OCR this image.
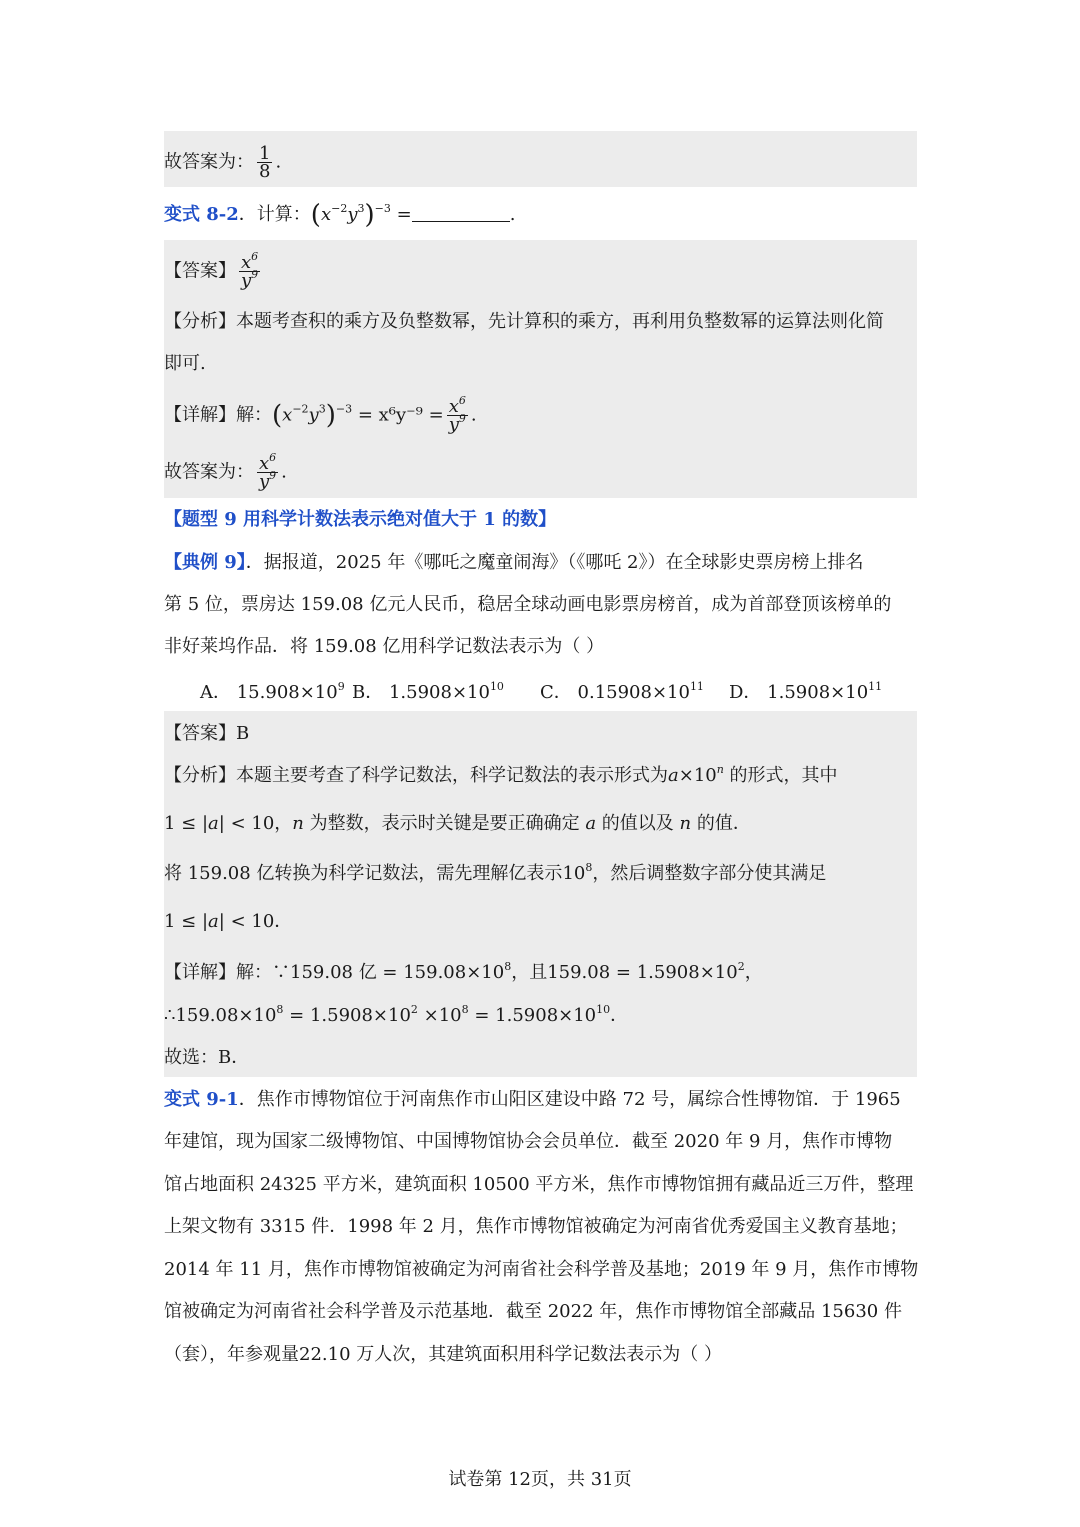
故答案为： $\frac{1}{8}$ .
变式 8-2．计算：$(x^{-2}y^3)^{-3}$ =	.
【答案】 $\frac{x^6}{y^9}$
【分析】本题考查积的乘方及负整数幂，先计算积的乘方，再利用负整数幂的运算法则化简
即可.
【详解】解：$(x^{-2}y^3)^{-3} = x^6y^{-9} = \frac{x^6}{y^9}$ .
故答案为： $\frac{x^6}{y^9}$ .
【题型 9 用科学计数法表示绝对值大于 1 的数】
【典例 9】．据报道，2025 年《哪吒之魔童闹海》（《哪吒 2》）在全球影史票房榜上排名
第 5 位，票房达 159.08 亿元人民币，稳居全球动画电影票房榜首，成为首部登顶该榜单的
非好莱坞作品．将 159.08 亿用科学记数法表示为（ ）
A． $15.908\times 10^9$ B． $1.5908\times 10^{10}$ C． $0.15908\times 10^{11}$ D． $1.5908\times 10^{11}$
【答案】B
【分析】本题主要考查了科学记数法，科学记数法的表示形式为$a\times 10^n$ 的形式，其中
1 ≤ |a| < 10，n 为整数，表示时关键是要正确确定 a 的值以及 n 的值．
将 159.08 亿转换为科学记数法，需先理解亿表示$10^8$，然后调整数字部分使其满足
1 ≤ |a| < 10．
【详解】解：∵159.08 亿 = $159.08\times 10^8$，且$159.08 = 1.5908\times 10^2$，
$\therefore 159.08\times 10^8 = 1.5908\times 10^2 \times 10^8 = 1.5908\times 10^{10}$．
故选：B．
变式 9-1．焦作市博物馆位于河南焦作市山阳区建设中路 72 号，属综合性博物馆．于 1965
年建馆，现为国家二级博物馆、中国博物馆协会会员单位．截至 2020 年 9 月，焦作市博物
馆占地面积 24325 平方米，建筑面积 10500 平方米，焦作市博物馆拥有藏品近三万件，整理
上架文物有 3315 件．1998 年 2 月，焦作市博物馆被确定为河南省优秀爱国主义教育基地；
2014 年 11 月，焦作市博物馆被确定为河南省社会科学普及基地；2019 年 9 月，焦作市博物
馆被确定为河南省社会科学普及示范基地．截至 2022 年，焦作市博物馆全部藏品 15630 件
（套），年参观量22.10 万人次，其建筑面积用科学记数法表示为（ ）
试卷第 12页，共 31页
